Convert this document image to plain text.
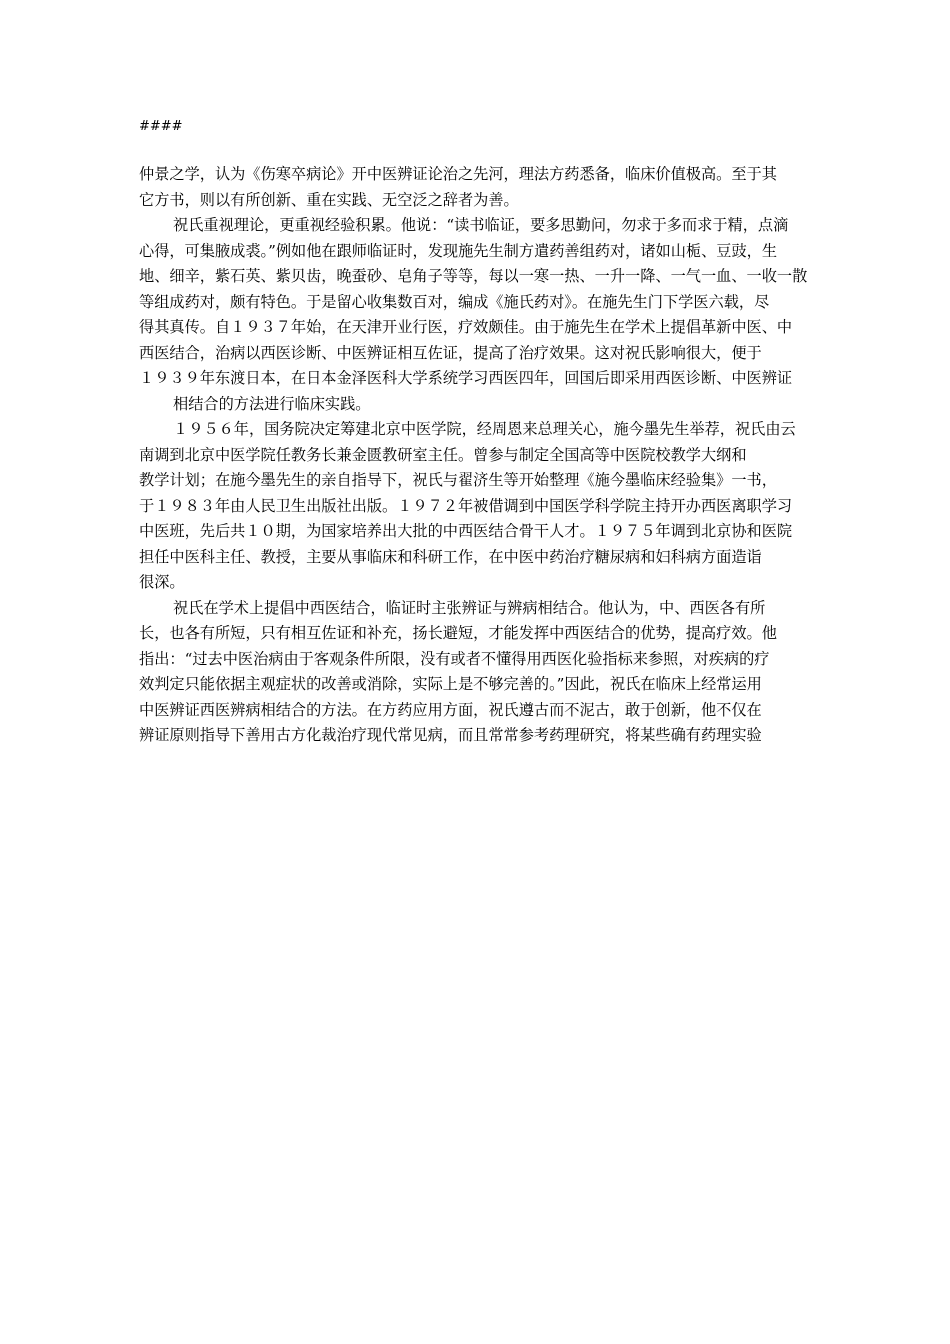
####
仲景之学，认为《伤寒卒病论》开中医辨证论治之先河，理法方药悉备，临床价值极高。至于其
它方书，则以有所创新、重在实践、无空泛之辞者为善。
祝氏重视理论，更重视经验积累。他说：“读书临证，要多思勤问，勿求于多而求于精，点滴
心得，可集腋成裘。”例如他在跟师临证时，发现施先生制方遣药善组药对，诸如山栀、豆豉，生
地、细辛，紫石英、紫贝齿，晚蚕砂、皂角子等等，每以一寒一热、一升一降、一气一血、一收一散
等组成药对，颇有特色。于是留心收集数百对，编成《施氏药对》。在施先生门下学医六载，尽
得其真传。自１９３７年始，在天津开业行医，疗效颇佳。由于施先生在学术上提倡革新中医、中
西医结合，治病以西医诊断、中医辨证相互佐证，提高了治疗效果。这对祝氏影响很大，便于
１９３９年东渡日本，在日本金泽医科大学系统学习西医四年，回国后即采用西医诊断、中医辨证
相结合的方法进行临床实践。
１９５６年，国务院决定筹建北京中医学院，经周恩来总理关心，施今墨先生举荐，祝氏由云
南调到北京中医学院任教务长兼金匮教研室主任。曾参与制定全国高等中医院校教学大纲和
教学计划；在施今墨先生的亲自指导下，祝氏与翟济生等开始整理《施今墨临床经验集》一书，
于１９８３年由人民卫生出版社出版。１９７２年被借调到中国医学科学院主持开办西医离职学习
中医班，先后共１０期，为国家培养出大批的中西医结合骨干人才。１９７５年调到北京协和医院
担任中医科主任、教授，主要从事临床和科研工作，在中医中药治疗糖尿病和妇科病方面造诣
很深。
祝氏在学术上提倡中西医结合，临证时主张辨证与辨病相结合。他认为，中、西医各有所
长，也各有所短，只有相互佐证和补充，扬长避短，才能发挥中西医结合的优势，提高疗效。他
指出：“过去中医治病由于客观条件所限，没有或者不懂得用西医化验指标来参照，对疾病的疗
效判定只能依据主观症状的改善或消除，实际上是不够完善的。”因此，祝氏在临床上经常运用
中医辨证西医辨病相结合的方法。在方药应用方面，祝氏遵古而不泥古，敢于创新，他不仅在
辨证原则指导下善用古方化裁治疗现代常见病，而且常常参考药理研究，将某些确有药理实验
